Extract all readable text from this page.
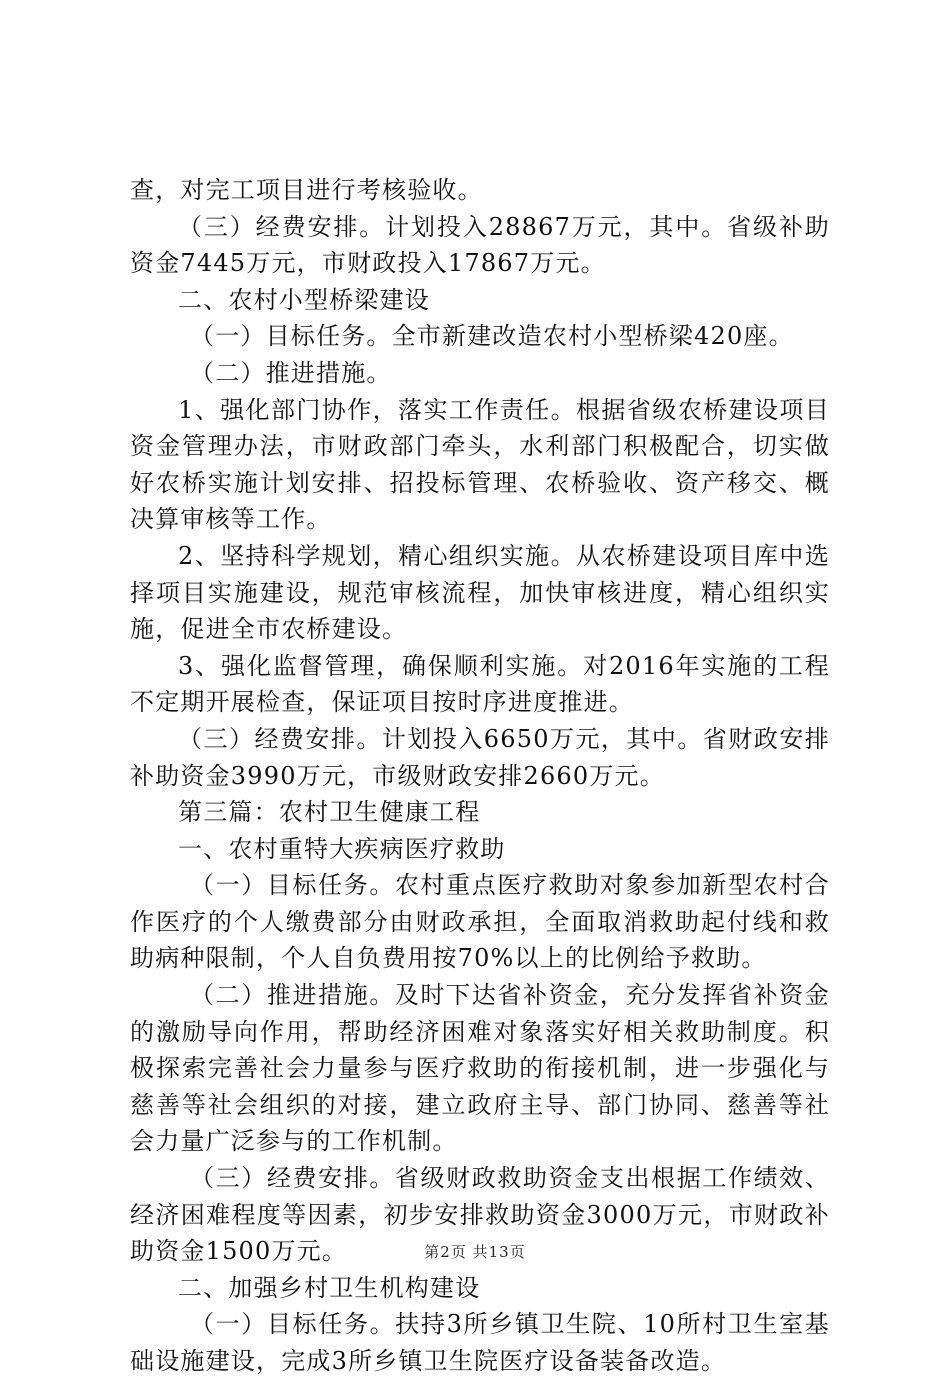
查，对完工项目进行考核验收。

（三）经费安排。计划投入28867万元，其中。省级补助资金7445万元，市财政投入17867万元。

二、农村小型桥梁建设

（一）目标任务。全市新建改造农村小型桥梁420座。

（二）推进措施。

1、强化部门协作，落实工作责任。根据省级农桥建设项目资金管理办法，市财政部门牵头，水利部门积极配合，切实做好农桥实施计划安排、招投标管理、农桥验收、资产移交、概决算审核等工作。

2、坚持科学规划，精心组织实施。从农桥建设项目库中选择项目实施建设，规范审核流程，加快审核进度，精心组织实施，促进全市农桥建设。

3、强化监督管理，确保顺利实施。对2016年实施的工程不定期开展检查，保证项目按时序进度推进。

（三）经费安排。计划投入6650万元，其中。省财政安排补助资金3990万元，市级财政安排2660万元。

第三篇：农村卫生健康工程

一、农村重特大疾病医疗救助

（一）目标任务。农村重点医疗救助对象参加新型农村合作医疗的个人缴费部分由财政承担，全面取消救助起付线和救助病种限制，个人自负费用按70%以上的比例给予救助。

（二）推进措施。及时下达省补资金，充分发挥省补资金的激励导向作用，帮助经济困难对象落实好相关救助制度。积极探索完善社会力量参与医疗救助的衔接机制，进一步强化与慈善等社会组织的对接，建立政府主导、部门协同、慈善等社会力量广泛参与的工作机制。

（三）经费安排。省级财政救助资金支出根据工作绩效、经济困难程度等因素，初步安排救助资金3000万元，市财政补助资金1500万元。

二、加强乡村卫生机构建设

（一）目标任务。扶持3所乡镇卫生院、10所村卫生室基础设施建设，完成3所乡镇卫生院医疗设备装备改造。

第2页 共13页
